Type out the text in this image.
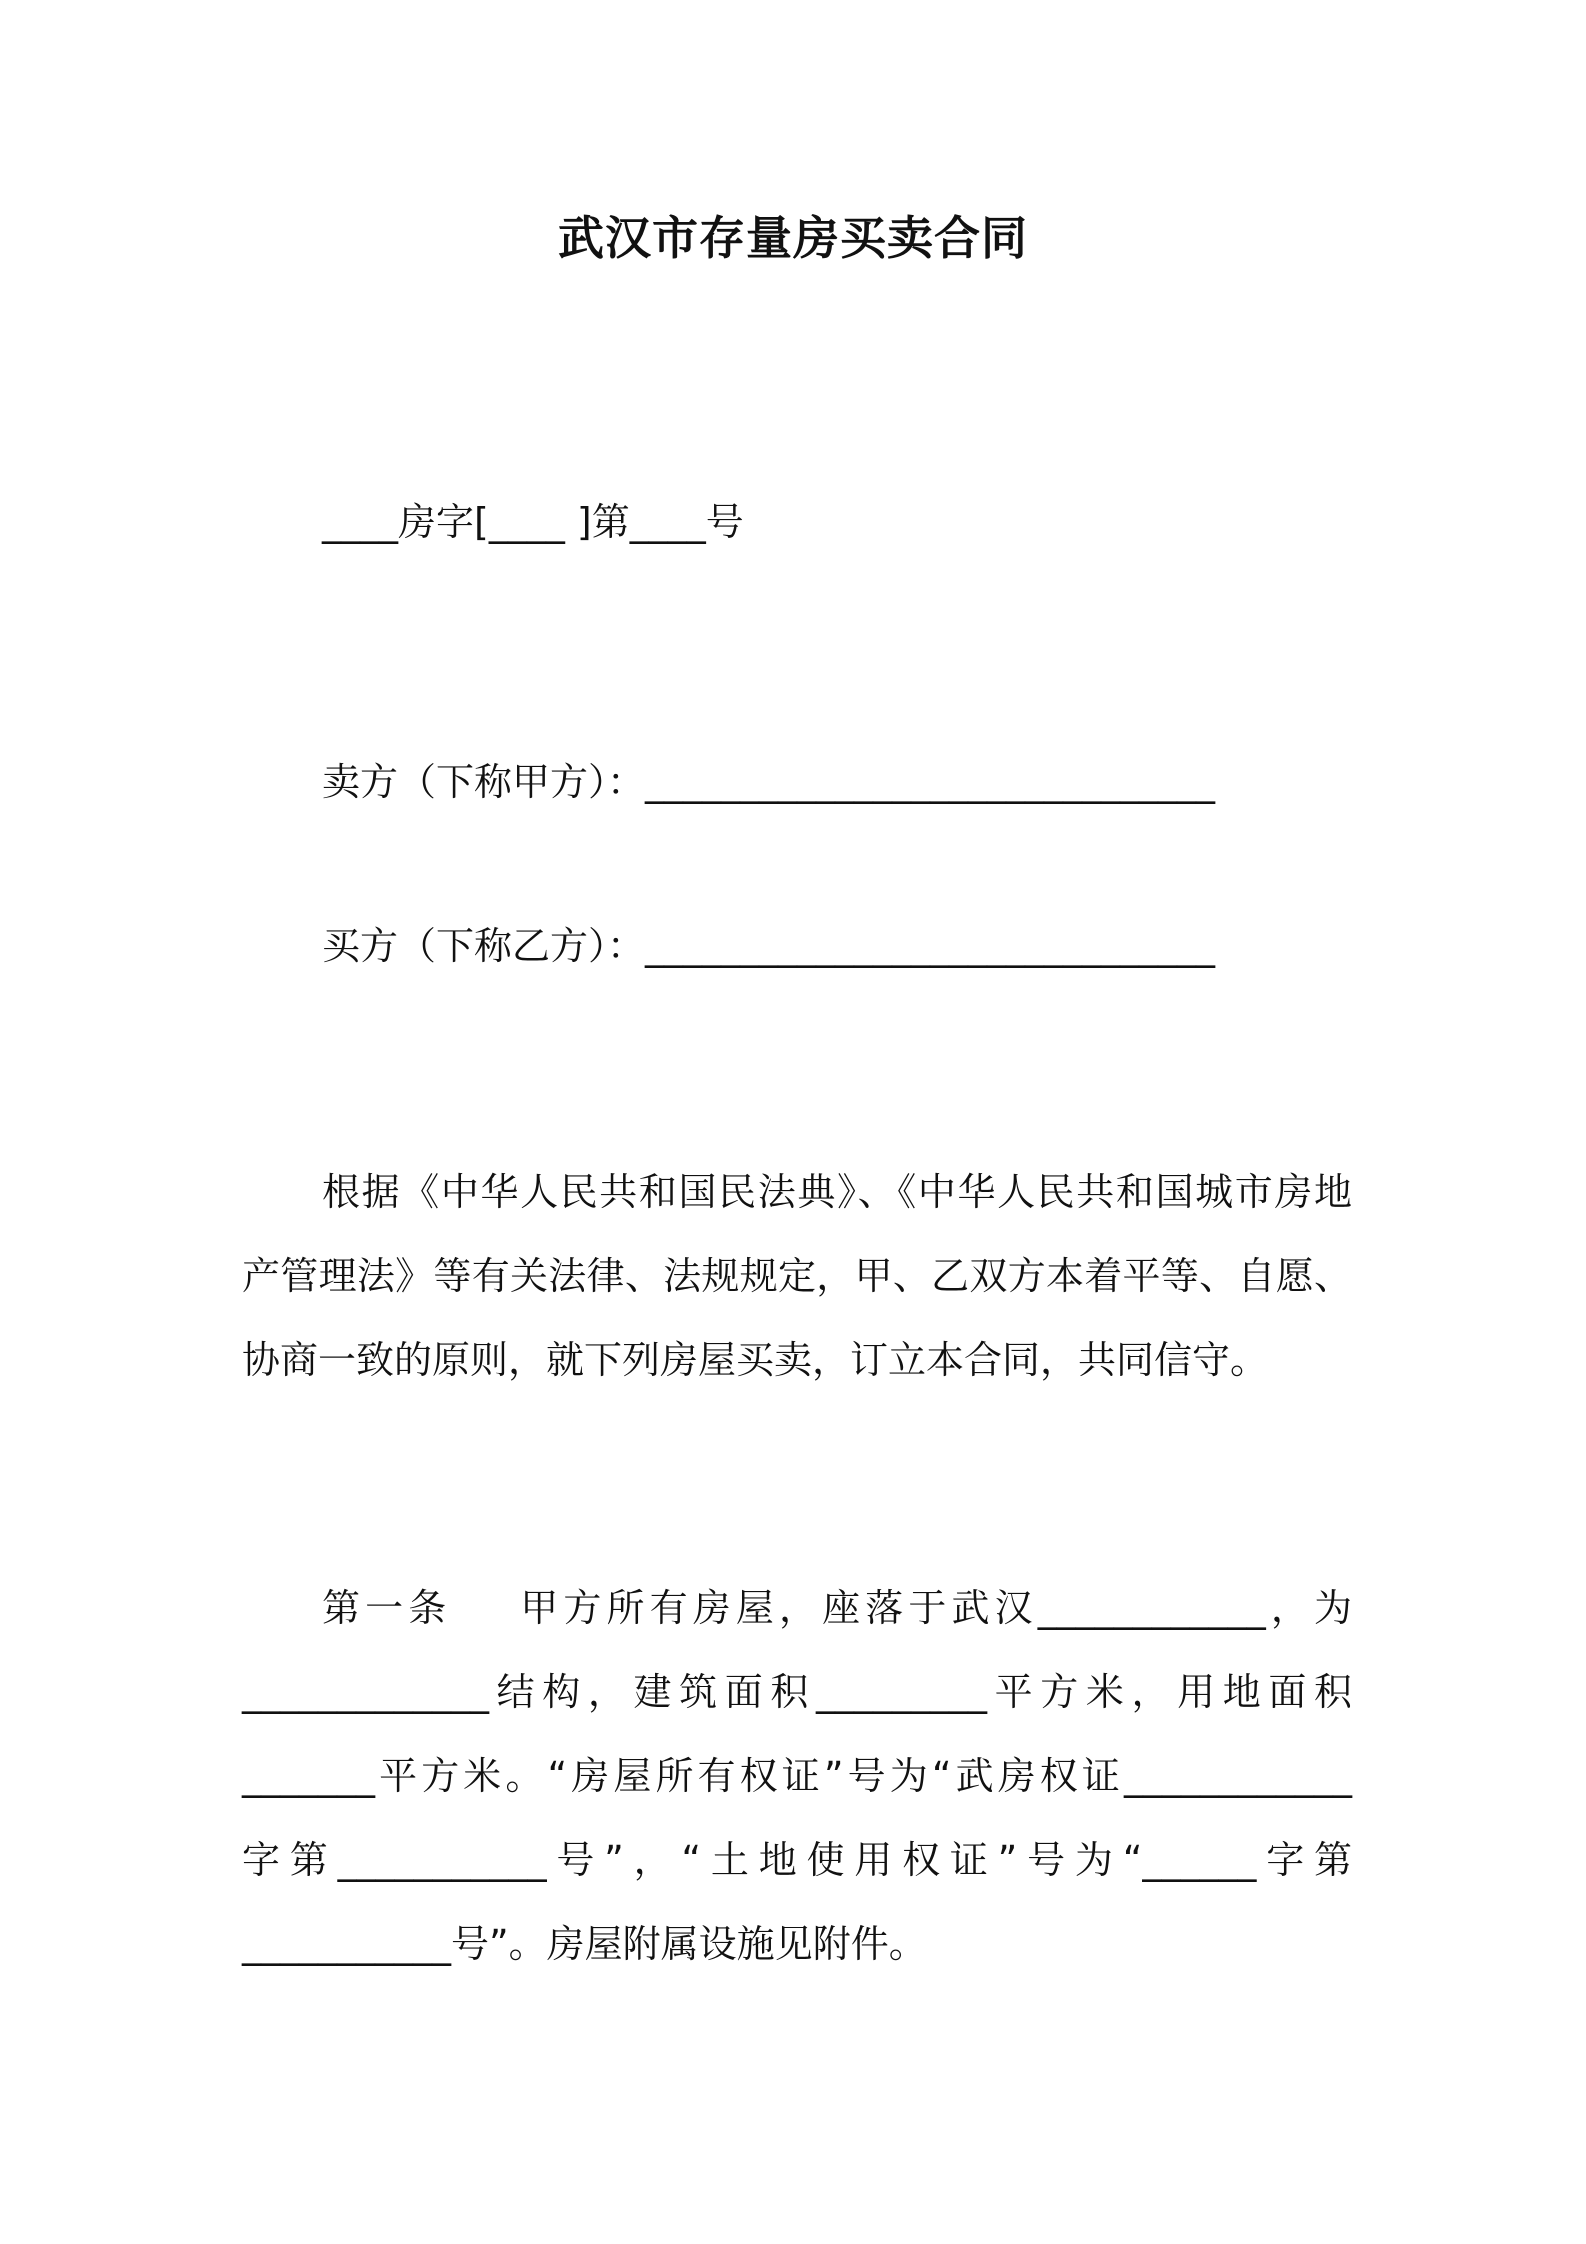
武汉市存量房买卖合同
____房字[____ ]第____号
卖方（下称甲方）：______________________________
买方（下称乙方）：______________________________
根据《中华人民共和国民法典》、《中华人民共和国城市房地
产管理法》等有关法律、法规规定，甲、乙双方本着平等、自愿、
协商一致的原则，就下列房屋买卖，订立本合同，共同信守。
第一条    甲方所有房屋，座落于武汉____________，为
_____________结构，建筑面积_________平方米，用地面积
_______平方米。“房屋所有权证”号为“武房权证____________
字第___________号”，“土地使用权证”号为“______字第
___________号”。房屋附属设施见附件。
